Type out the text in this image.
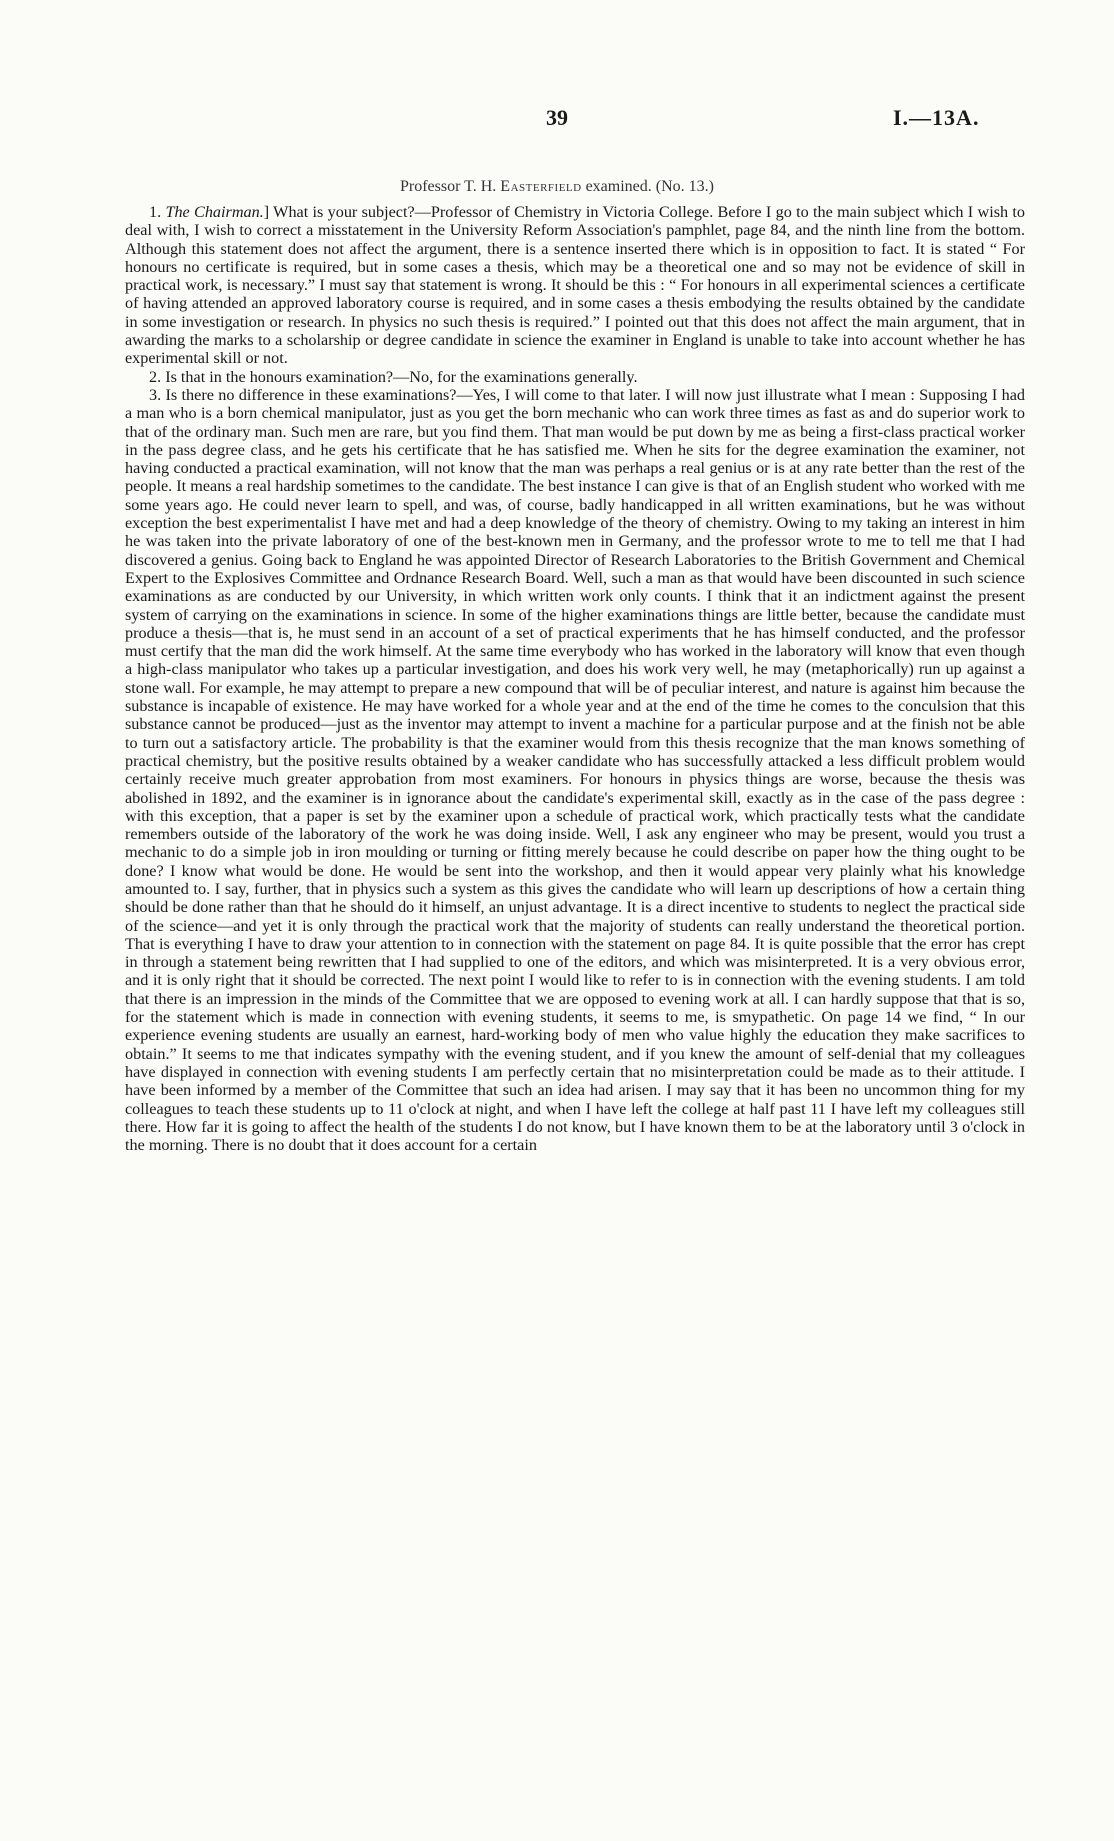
39	I.—13A.
Professor T. H. Easterfield examined. (No. 13.)

1. The Chairman.] What is your subject?—Professor of Chemistry in Victoria College. Before I go to the main subject which I wish to deal with, I wish to correct a misstatement in the University Reform Association's pamphlet, page 84, and the ninth line from the bottom. Although this statement does not affect the argument, there is a sentence inserted there which is in opposition to fact. It is stated “ For honours no certificate is required, but in some cases a thesis, which may be a theoretical one and so may not be evidence of skill in practical work, is necessary.” I must say that statement is wrong. It should be this : “ For honours in all experimental sciences a certificate of having attended an approved laboratory course is required, and in some cases a thesis embodying the results obtained by the candidate in some investigation or research. In physics no such thesis is required.” I pointed out that this does not affect the main argument, that in awarding the marks to a scholarship or degree candidate in science the examiner in England is unable to take into account whether he has experimental skill or not.

2. Is that in the honours examination?—No, for the examinations generally.

3. Is there no difference in these examinations?—Yes, I will come to that later. I will now just illustrate what I mean : Supposing I had a man who is a born chemical manipulator, just as you get the born mechanic who can work three times as fast as and do superior work to that of the ordinary man. Such men are rare, but you find them. That man would be put down by me as being a first-class practical worker in the pass degree class, and he gets his certificate that he has satisfied me. When he sits for the degree examination the examiner, not having conducted a practical examination, will not know that the man was perhaps a real genius or is at any rate better than the rest of the people. It means a real hardship sometimes to the candidate. The best instance I can give is that of an English student who worked with me some years ago. He could never learn to spell, and was, of course, badly handicapped in all written examinations, but he was without exception the best experimentalist I have met and had a deep knowledge of the theory of chemistry. Owing to my taking an interest in him he was taken into the private laboratory of one of the best-known men in Germany, and the professor wrote to me to tell me that I had discovered a genius. Going back to England he was appointed Director of Research Laboratories to the British Government and Chemical Expert to the Explosives Committee and Ordnance Research Board. Well, such a man as that would have been discounted in such science examinations as are conducted by our University, in which written work only counts. I think that it an indictment against the present system of carrying on the examinations in science. In some of the higher examinations things are little better, because the candidate must produce a thesis—that is, he must send in an account of a set of practical experiments that he has himself conducted, and the professor must certify that the man did the work himself. At the same time everybody who has worked in the laboratory will know that even though a high-class manipulator who takes up a particular investigation, and does his work very well, he may (metaphorically) run up against a stone wall. For example, he may attempt to prepare a new compound that will be of peculiar interest, and nature is against him because the substance is incapable of existence. He may have worked for a whole year and at the end of the time he comes to the conculsion that this substance cannot be produced—just as the inventor may attempt to invent a machine for a particular purpose and at the finish not be able to turn out a satisfactory article. The probability is that the examiner would from this thesis recognize that the man knows something of practical chemistry, but the positive results obtained by a weaker candidate who has successfully attacked a less difficult problem would certainly receive much greater approbation from most examiners. For honours in physics things are worse, because the thesis was abolished in 1892, and the examiner is in ignorance about the candidate's experimental skill, exactly as in the case of the pass degree : with this exception, that a paper is set by the examiner upon a schedule of practical work, which practically tests what the candidate remembers outside of the laboratory of the work he was doing inside. Well, I ask any engineer who may be present, would you trust a mechanic to do a simple job in iron moulding or turning or fitting merely because he could describe on paper how the thing ought to be done? I know what would be done. He would be sent into the workshop, and then it would appear very plainly what his knowledge amounted to. I say, further, that in physics such a system as this gives the candidate who will learn up descriptions of how a certain thing should be done rather than that he should do it himself, an unjust advantage. It is a direct incentive to students to neglect the practical side of the science—and yet it is only through the practical work that the majority of students can really understand the theoretical portion. That is everything I have to draw your attention to in connection with the statement on page 84. It is quite possible that the error has crept in through a statement being rewritten that I had supplied to one of the editors, and which was misinterpreted. It is a very obvious error, and it is only right that it should be corrected. The next point I would like to refer to is in connection with the evening students. I am told that there is an impression in the minds of the Committee that we are opposed to evening work at all. I can hardly suppose that that is so, for the statement which is made in connection with evening students, it seems to me, is smypathetic. On page 14 we find, “ In our experience evening students are usually an earnest, hard-working body of men who value highly the education they make sacrifices to obtain.” It seems to me that indicates sympathy with the evening student, and if you knew the amount of self-denial that my colleagues have displayed in connection with evening students I am perfectly certain that no misinterpretation could be made as to their attitude. I have been informed by a member of the Committee that such an idea had arisen. I may say that it has been no uncommon thing for my colleagues to teach these students up to 11 o'clock at night, and when I have left the college at half past 11 I have left my colleagues still there. How far it is going to affect the health of the students I do not know, but I have known them to be at the laboratory until 3 o'clock in the morning. There is no doubt that it does account for a certain
